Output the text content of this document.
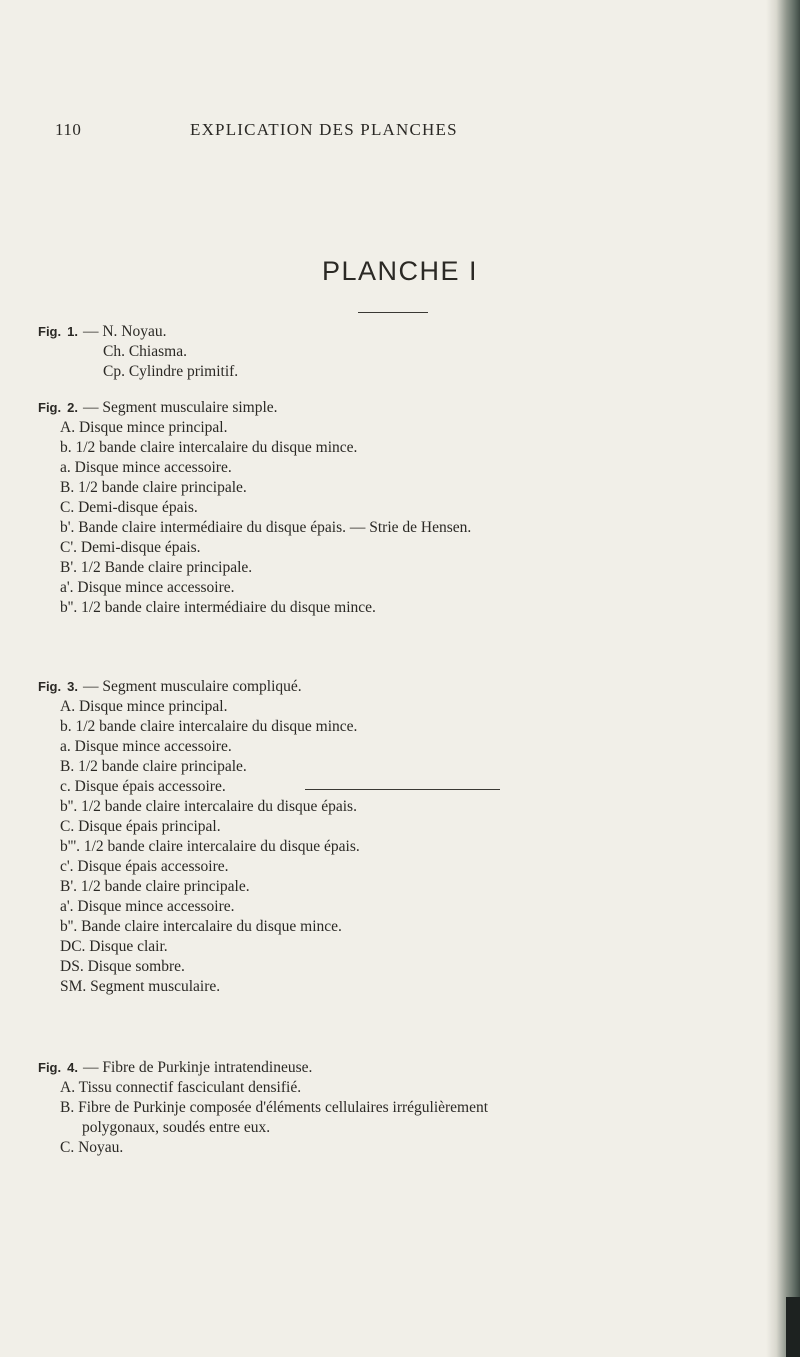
110	EXPLICATION DES PLANCHES
PLANCHE I
Fig. 1. — N. Noyau.
Ch. Chiasma.
Cp. Cylindre primitif.
Fig. 2. — Segment musculaire simple.
A. Disque mince principal.
b. 1/2 bande claire intercalaire du disque mince.
a. Disque mince accessoire.
B. 1/2 bande claire principale.
C. Demi-disque épais.
b'. Bande claire intermédiaire du disque épais. — Strie de Hensen.
C'. Demi-disque épais.
B'. 1/2 Bande claire principale.
a'. Disque mince accessoire.
b''. 1/2 bande claire intermédiaire du disque mince.
Fig. 3. — Segment musculaire compliqué.
A. Disque mince principal.
b. 1/2 bande claire intercalaire du disque mince.
a. Disque mince accessoire.
B. 1/2 bande claire principale.
c. Disque épais accessoire.
b''. 1/2 bande claire intercalaire du disque épais.
C. Disque épais principal.
b'''. 1/2 bande claire intercalaire du disque épais.
c'. Disque épais accessoire.
B'. 1/2 bande claire principale.
a'. Disque mince accessoire.
b''. Bande claire intercalaire du disque mince.
DC. Disque clair.
DS. Disque sombre.
SM. Segment musculaire.
Fig. 4. — Fibre de Purkinje intratendineuse.
A. Tissu connectif fasciculant densifié.
B. Fibre de Purkinje composée d'éléments cellulaires irrégulièrement
polygonaux, soudés entre eux.
C. Noyau.
